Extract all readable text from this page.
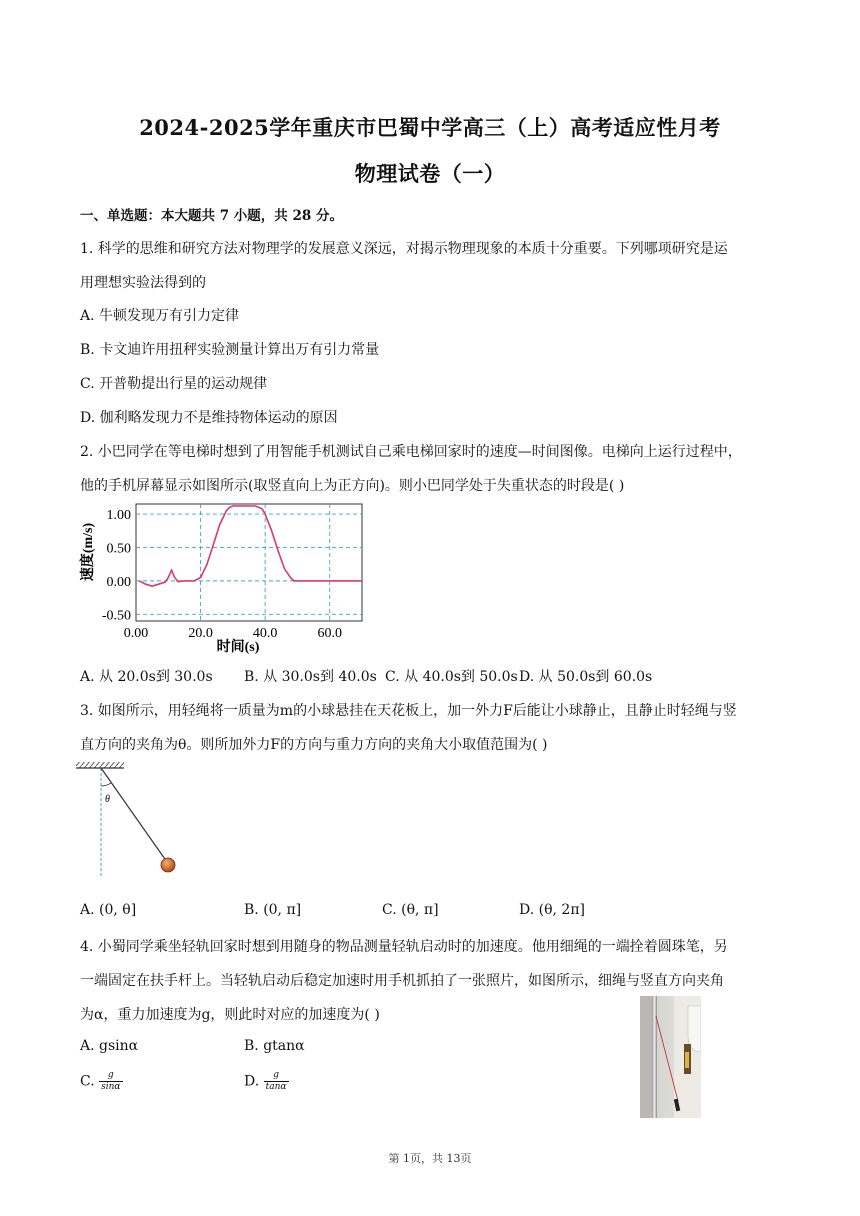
2024-2025学年重庆市巴蜀中学高三（上）高考适应性月考
物理试卷（一）
一、单选题：本大题共 7 小题，共 28 分。
1. 科学的思维和研究方法对物理学的发展意义深远，对揭示物理现象的本质十分重要。下列哪项研究是运
用理想实验法得到的
A. 牛顿发现万有引力定律
B. 卡文迪许用扭秤实验测量计算出万有引力常量
C. 开普勒提出行星的运动规律
D. 伽利略发现力不是维持物体运动的原因
2. 小巴同学在等电梯时想到了用智能手机测试自己乘电梯回家时的速度—时间图像。电梯向上运行过程中，
他的手机屏幕显示如图所示(取竖直向上为正方向)。则小巴同学处于失重状态的时段是( )
1.00
0.50
0.00
-0.50
0.00	20.0	40.0	60.0
速度(m/s)
时间(s)
A. 从 20.0s到 30.0s B. 从 30.0s到 40.0s C. 从 40.0s到 50.0s D. 从 50.0s到 60.0s
3. 如图所示，用轻绳将一质量为m的小球悬挂在天花板上，加一外力F后能让小球静止，且静止时轻绳与竖
直方向的夹角为θ。则所加外力F的方向与重力方向的夹角大小取值范围为( )
θ
A. (0, θ]	B. (0, π]	C. (θ, π]	D. (θ, 2π]
4. 小蜀同学乘坐轻轨回家时想到用随身的物品测量轻轨启动时的加速度。他用细绳的一端拴着圆珠笔，另
一端固定在扶手杆上。当轻轨启动后稳定加速时用手机抓拍了一张照片，如图所示，细绳与竖直方向夹角
为α，重力加速度为g，则此时对应的加速度为( )
A. gsinα	B. gtanα
C. $\frac{g}{\sin\alpha}$	D. $\frac{g}{\tan\alpha}$
第 1页，共 13页
